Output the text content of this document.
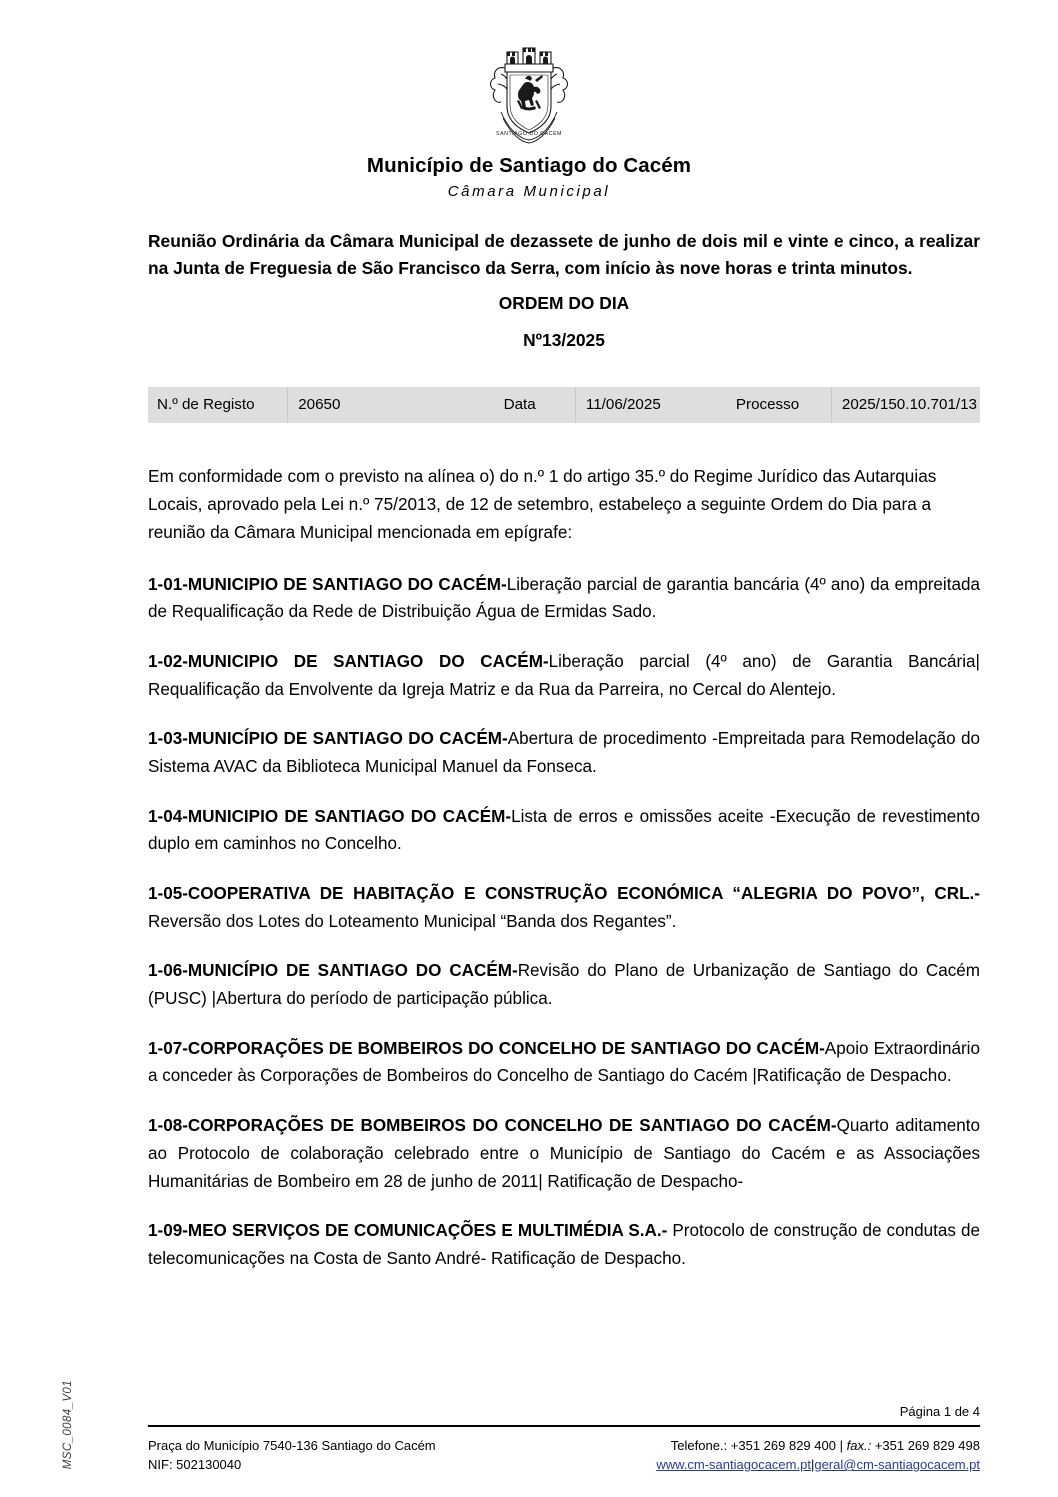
SANTIAGO DO CACÉM
Município de Santiago do Cacém
Câmara Municipal
Reunião Ordinária da Câmara Municipal de dezassete de junho de dois mil e vinte e cinco, a realizar na Junta de Freguesia de São Francisco da Serra, com início às nove horas e trinta minutos.
ORDEM DO DIA
Nº13/2025
N.º de Registo	20650	Data	11/06/2025	Processo	2025/150.10.701/13
Em conformidade com o previsto na alínea o) do n.º 1 do artigo 35.º do Regime Jurídico das Autarquias Locais, aprovado pela Lei n.º 75/2013, de 12 de setembro, estabeleço a seguinte Ordem do Dia para a reunião da Câmara Municipal mencionada em epígrafe:

1-01-MUNICIPIO DE SANTIAGO DO CACÉM-Liberação parcial de garantia bancária (4º ano) da empreitada de Requalificação da Rede de Distribuição Água de Ermidas Sado.

1-02-MUNICIPIO DE SANTIAGO DO CACÉM-Liberação parcial (4º ano) de Garantia Bancária| Requalificação da Envolvente da Igreja Matriz e da Rua da Parreira, no Cercal do Alentejo.

1-03-MUNICÍPIO DE SANTIAGO DO CACÉM-Abertura de procedimento -Empreitada para Remodelação do Sistema AVAC da Biblioteca Municipal Manuel da Fonseca.

1-04-MUNICIPIO DE SANTIAGO DO CACÉM-Lista de erros e omissões aceite -Execução de revestimento duplo em caminhos no Concelho.

1-05-COOPERATIVA DE HABITAÇÃO E CONSTRUÇÃO ECONÓMICA “ALEGRIA DO POVO”, CRL.-Reversão dos Lotes do Loteamento Municipal “Banda dos Regantes”.

1-06-MUNICÍPIO DE SANTIAGO DO CACÉM-Revisão do Plano de Urbanização de Santiago do Cacém (PUSC) |Abertura do período de participação pública.

1-07-CORPORAÇÕES DE BOMBEIROS DO CONCELHO DE SANTIAGO DO CACÉM-Apoio Extraordinário a conceder às Corporações de Bombeiros do Concelho de Santiago do Cacém |Ratificação de Despacho.

1-08-CORPORAÇÕES DE BOMBEIROS DO CONCELHO DE SANTIAGO DO CACÉM-Quarto aditamento ao Protocolo de colaboração celebrado entre o Município de Santiago do Cacém e as Associações Humanitárias de Bombeiro em 28 de junho de 2011| Ratificação de Despacho-

1-09-MEO SERVIÇOS DE COMUNICAÇÕES E MULTIMÉDIA S.A.- Protocolo de construção de condutas de telecomunicações na Costa de Santo André- Ratificação de Despacho.

Página 1 de 4
Praça do Município 7540-136 Santiago do Cacém
NIF: 502130040
Telefone.: +351 269 829 400 | fax.: +351 269 829 498
www.cm-santiagocacem.pt|geral@cm-santiagocacem.pt
MSC_0084_V01
